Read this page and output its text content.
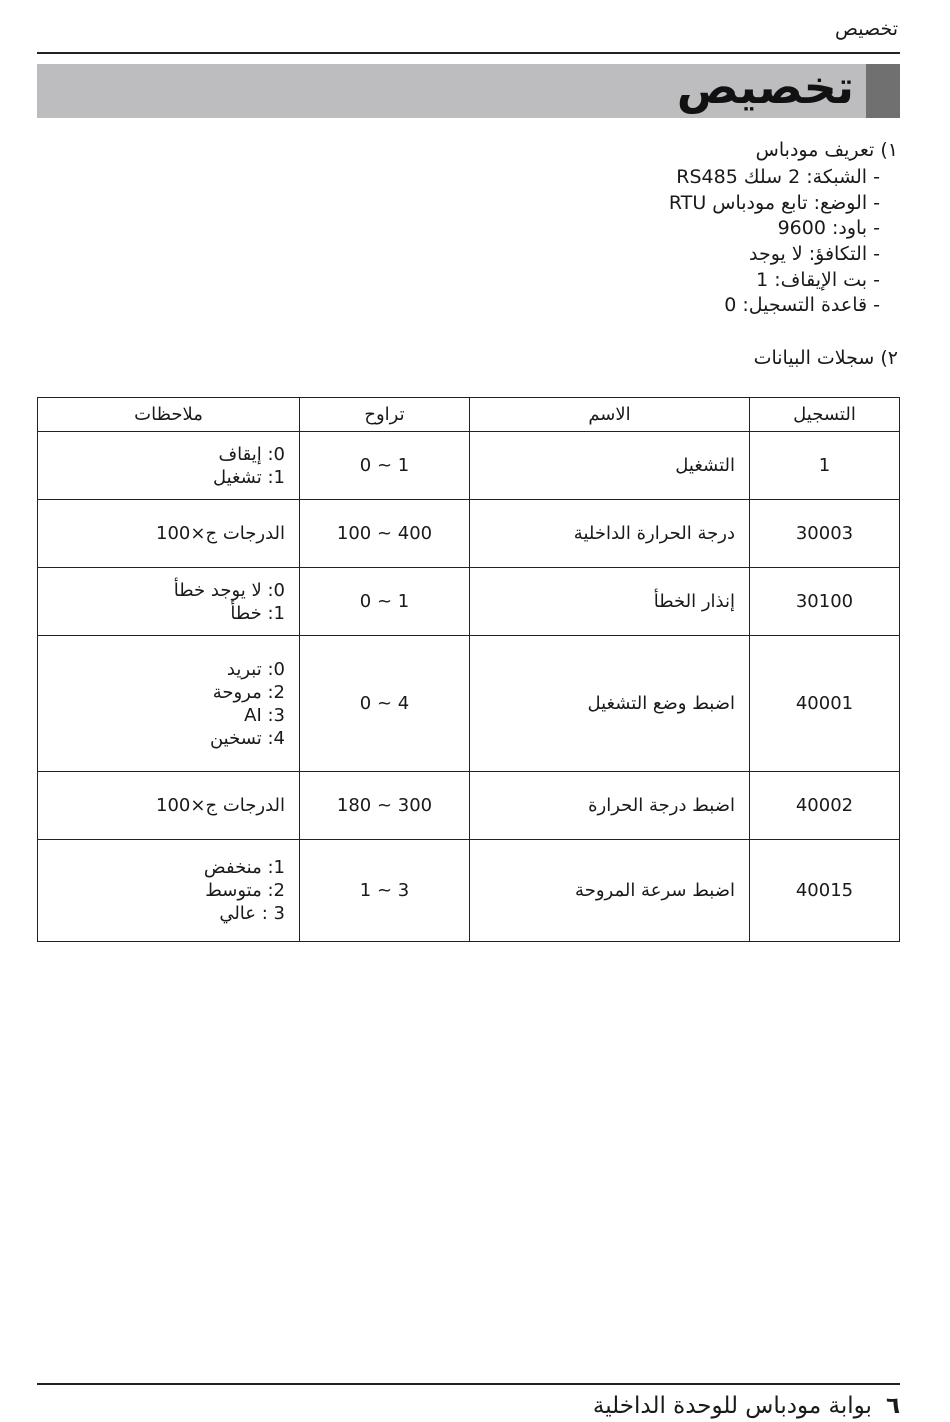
تخصيص
تخصيص
١) تعريف مودباس
- الشبكة: 2 سلك RS485
- الوضع: تابع مودباس RTU
- باود: 9600
- التكافؤ: لا يوجد
- بت الإيقاف: 1
- قاعدة التسجيل: 0
٢) سجلات البيانات
التسجيل	الاسم	تراوح	ملاحظات
1	التشغيل	0 ~ 1	0: إيقاف
1: تشغيل

30003	درجة الحرارة الداخلية	100 ~ 400	الدرجات ج×100

30100	إنذار الخطأ	0 ~ 1	0: لا يوجد خطأ
1: خطأ

40001	اضبط وضع التشغيل	0 ~ 4	0: تبريد
2: مروحة
3: AI
4: تسخين

40002	اضبط درجة الحرارة	180 ~ 300	الدرجات ج×100

40015	اضبط سرعة المروحة	1 ~ 3	1: منخفض
2: متوسط
3 : عالي
٦بوابة مودباس للوحدة الداخلية
